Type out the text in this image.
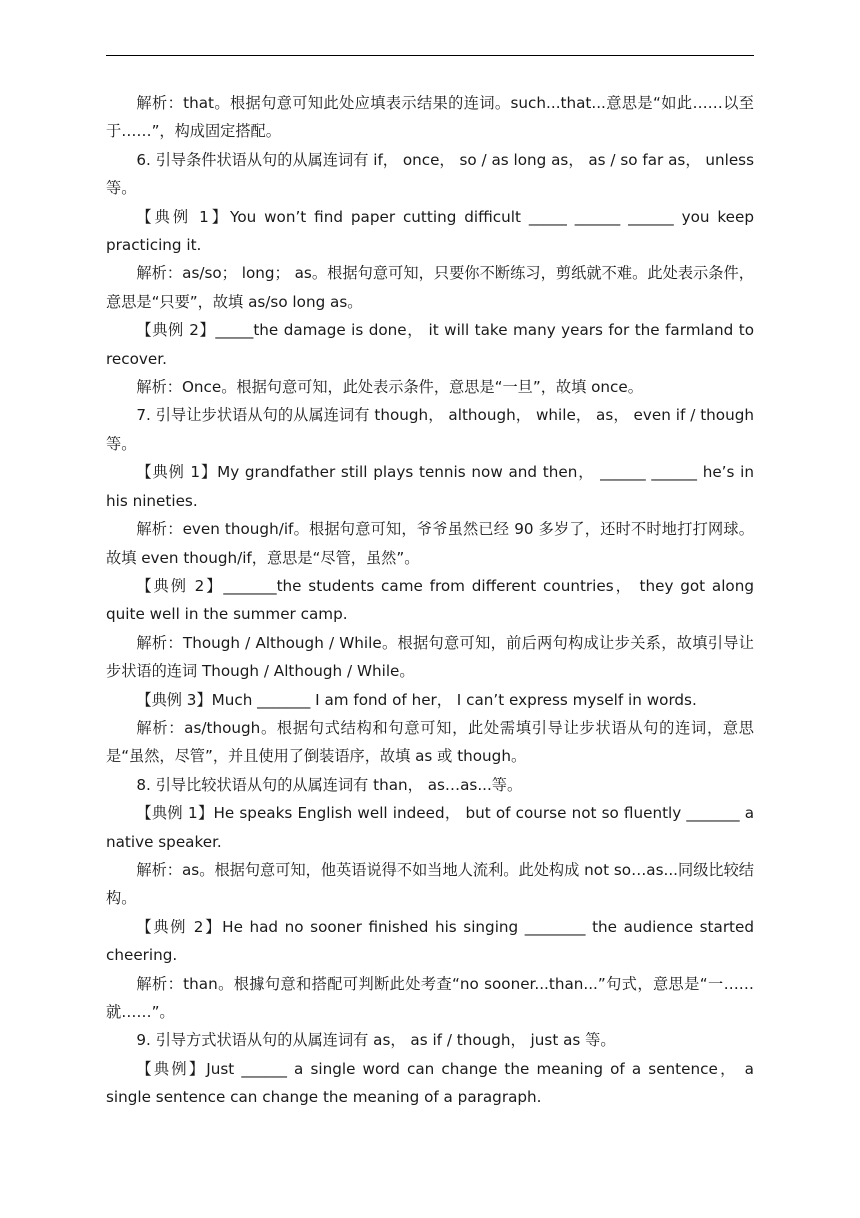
解析：that。根据句意可知此处应填表示结果的连词。such...that...意思是“如此……以至于……”，构成固定搭配。

6. 引导条件状语从句的从属连词有 if， once， so / as long as， as / so far as， unless 等。

【典例 1】You won’t find paper cutting difficult _____ ______ ______ you keep practicing it.

解析：as/so； long； as。根据句意可知，只要你不断练习，剪纸就不难。此处表示条件，意思是“只要”，故填 as/so long as。

【典例 2】_____the damage is done， it will take many years for the farmland to recover.

解析：Once。根据句意可知，此处表示条件，意思是“一旦”，故填 once。

7. 引导让步状语从句的从属连词有 though， although， while， as， even if / though 等。

【典例 1】My grandfather still plays tennis now and then， ______ ______ he’s in his nineties.

解析：even though/if。根据句意可知，爷爷虽然已经 90 多岁了，还时不时地打打网球。故填 even though/if，意思是“尽管，虽然”。

【典例 2】_______the students came from different countries， they got along quite well in the summer camp.

解析：Though / Although / While。根据句意可知，前后两句构成让步关系，故填引导让步状语的连词 Though / Although / While。

【典例 3】Much _______ I am fond of her， I can’t express myself in words.

解析：as/though。根据句式结构和句意可知，此处需填引导让步状语从句的连词，意思是“虽然，尽管”，并且使用了倒装语序，故填 as 或 though。

8. 引导比较状语从句的从属连词有 than， as…as...等。

【典例 1】He speaks English well indeed， but of course not so fluently _______ a native speaker.

解析：as。根据句意可知，他英语说得不如当地人流利。此处构成 not so…as...同级比较结构。

【典例 2】He had no sooner finished his singing ________ the audience started cheering.

解析：than。根據句意和搭配可判断此处考查“no sooner...than...”句式，意思是“一……就……”。

9. 引导方式状语从句的从属连词有 as， as if / though， just as 等。

【典例】Just ______ a single word can change the meaning of a sentence， a single sentence can change the meaning of a paragraph.
